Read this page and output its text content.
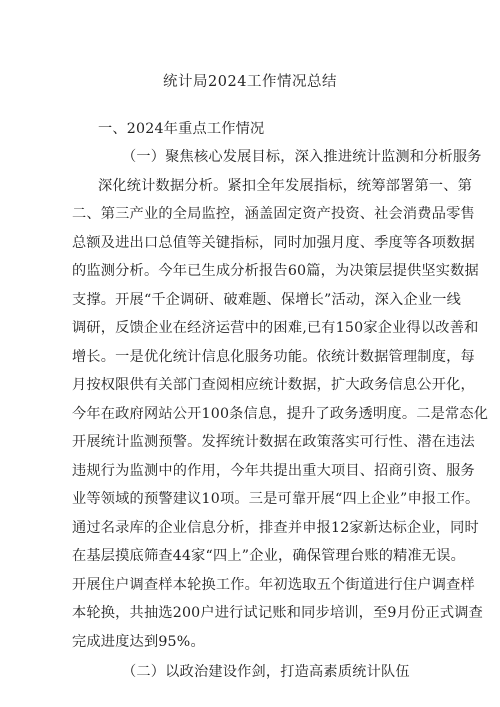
统计局2024工作情况总结
一、2024年重点工作情况
（一）聚焦核心发展目标，深入推进统计监测和分析服务
深化统计数据分析。紧扣全年发展指标，统筹部署第一、第
二、第三产业的全局监控，涵盖固定资产投资、社会消费品零售
总额及进出口总值等关键指标，同时加强月度、季度等各项数据
的监测分析。今年已生成分析报告60篇，为决策层提供坚实数据
支撑。开展“千企调研、破难题、保增长”活动，深入企业一线
调研，反馈企业在经济运营中的困难,已有150家企业得以改善和
增长。一是优化统计信息化服务功能。依统计数据管理制度，每
月按权限供有关部门查阅相应统计数据，扩大政务信息公开化，
今年在政府网站公开100条信息，提升了政务透明度。二是常态化
开展统计监测预警。发挥统计数据在政策落实可行性、潜在违法
违规行为监测中的作用，今年共提出重大项目、招商引资、服务
业等领域的预警建议10项。三是可靠开展“四上企业”申报工作。
通过名录库的企业信息分析，排查并申报12家新达标企业，同时
在基层摸底筛查44家“四上”企业，确保管理台账的精准无误。
开展住户调查样本轮换工作。年初选取五个街道进行住户调查样
本轮换，共抽选200户进行试记账和同步培训，至9月份正式调查
完成进度达到95%。
（二）以政治建设作剑，打造高素质统计队伍
